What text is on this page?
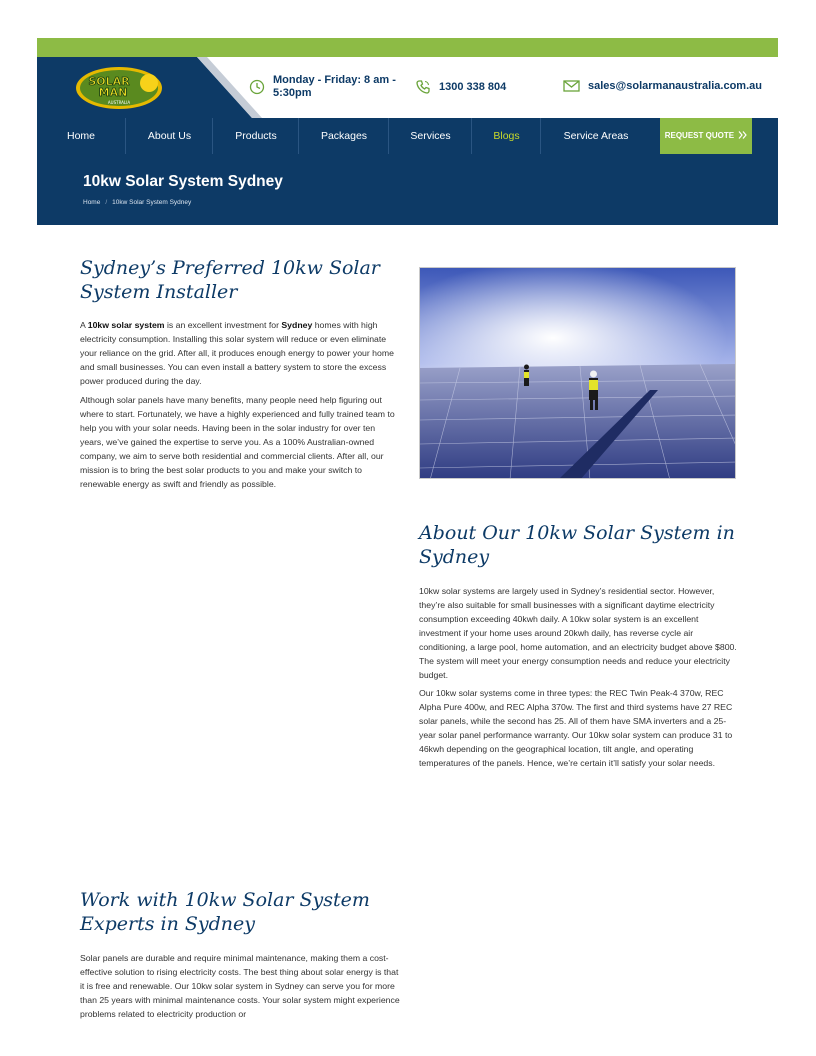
SOLAR
MAN
AUSTRALIA
Monday - Friday: 8 am - 5:30pm
1300 338 804	sales@solarmanaustralia.com.au
Home	About Us	Products	Packages	Services	Blogs	Service Areas	REQUEST QUOTE
10kw Solar System Sydney
Home / 10kw Solar System Sydney
Sydney’s Preferred 10kw Solar System Installer

A 10kw solar system is an excellent investment for Sydney homes with high electricity consumption. Installing this solar system will reduce or even eliminate your reliance on the grid. After all, it produces enough energy to power your home and small businesses. You can even install a battery system to store the excess power produced during the day.

Although solar panels have many benefits, many people need help figuring out where to start. Fortunately, we have a highly experienced and fully trained team to help you with your solar needs. Having been in the solar industry for over ten years, we’ve gained the expertise to serve you. As a 100% Australian-owned company, we aim to serve both residential and commercial clients. After all, our mission is to bring the best solar products to you and make your switch to renewable energy as swift and friendly as possible.

About Our 10kw Solar System in Sydney

10kw solar systems are largely used in Sydney’s residential sector. However, they’re also suitable for small businesses with a significant daytime electricity consumption exceeding 40kwh daily. A 10kw solar system is an excellent investment if your home uses around 20kwh daily, has reverse cycle air conditioning, a large pool, home automation, and an electricity budget above $800. The system will meet your energy consumption needs and reduce your electricity budget.

Our 10kw solar systems come in three types: the REC Twin Peak-4 370w, REC Alpha Pure 400w, and REC Alpha 370w. The first and third systems have 27 REC solar panels, while the second has 25. All of them have SMA inverters and a 25-year solar panel performance warranty. Our 10kw solar system can produce 31 to 46kwh depending on the geographical location, tilt angle, and operating temperatures of the panels. Hence, we’re certain it’ll satisfy your solar needs.

Work with 10kw Solar System Experts in Sydney

Solar panels are durable and require minimal maintenance, making them a cost-effective solution to rising electricity costs. The best thing about solar energy is that it is free and renewable. Our 10kw solar system in Sydney can serve you for more than 25 years with minimal maintenance costs. Your solar system might experience problems related to electricity production or
